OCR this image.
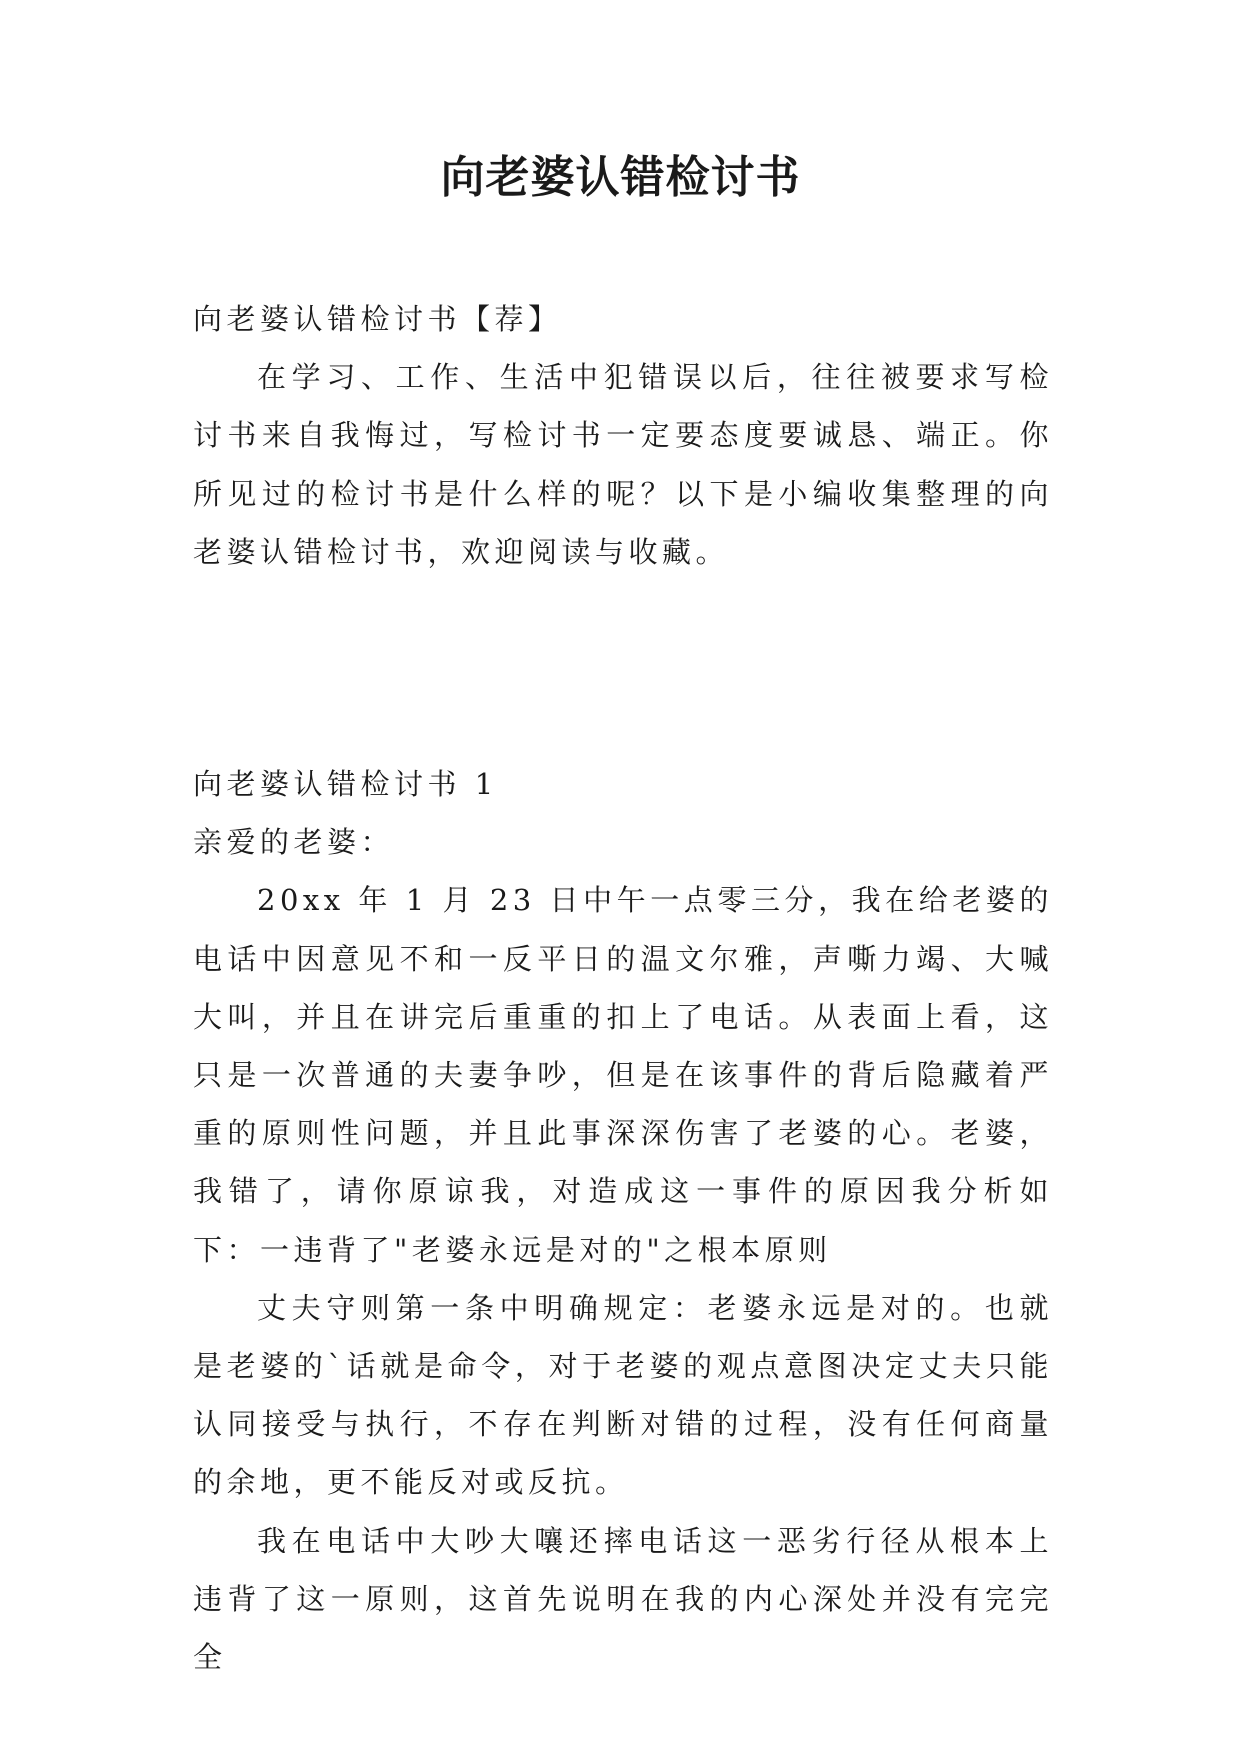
向老婆认错检讨书

向老婆认错检讨书【荐】

在学习、工作、生活中犯错误以后，往往被要求写检讨书来自我悔过，写检讨书一定要态度要诚恳、端正。你所见过的检讨书是什么样的呢？以下是小编收集整理的向老婆认错检讨书，欢迎阅读与收藏。

向老婆认错检讨书 1

亲爱的老婆：

20xx 年 1 月 23 日中午一点零三分，我在给老婆的电话中因意见不和一反平日的温文尔雅，声嘶力竭、大喊大叫，并且在讲完后重重的扣上了电话。从表面上看，这只是一次普通的夫妻争吵，但是在该事件的背后隐藏着严重的原则性问题，并且此事深深伤害了老婆的心。老婆，我错了，请你原谅我，对造成这一事件的原因我分析如下：一违背了"老婆永远是对的"之根本原则

丈夫守则第一条中明确规定：老婆永远是对的。也就是老婆的`话就是命令，对于老婆的观点意图决定丈夫只能认同接受与执行，不存在判断对错的过程，没有任何商量的余地，更不能反对或反抗。

我在电话中大吵大嚷还摔电话这一恶劣行径从根本上违背了这一原则，这首先说明在我的内心深处并没有完完全
